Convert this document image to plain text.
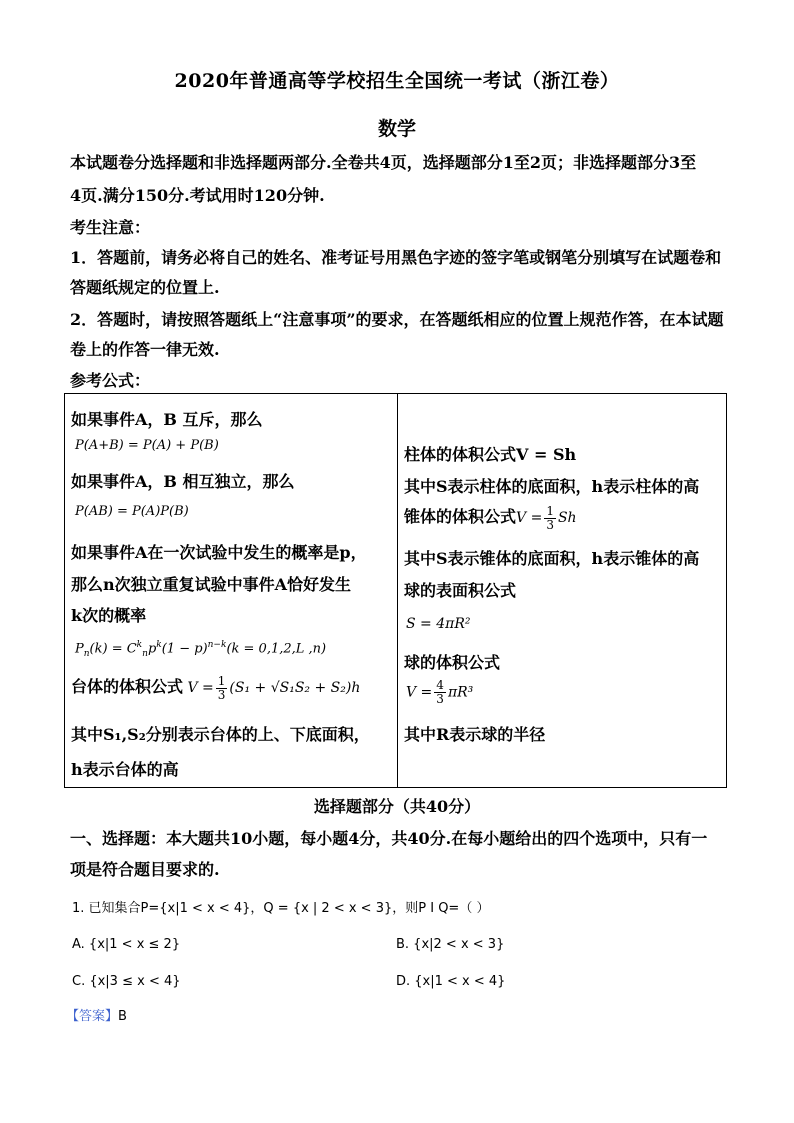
2020年普通高等学校招生全国统一考试（浙江卷）
数学
本试题卷分选择题和非选择题两部分.全卷共4页，选择题部分1至2页；非选择题部分3至
4页.满分150分.考试用时120分钟.
考生注意：
1．答题前，请务必将自己的姓名、准考证号用黑色字迹的签字笔或钢笔分别填写在试题卷和
答题纸规定的位置上.
2．答题时，请按照答题纸上“注意事项”的要求，在答题纸相应的位置上规范作答，在本试题
卷上的作答一律无效.
参考公式：
如果事件A，B 互斥，那么
P(A+B) = P(A) + P(B)
如果事件A，B 相互独立，那么
P(AB) = P(A)P(B)
如果事件A在一次试验中发生的概率是p，
那么n次独立重复试验中事件A恰好发生
k次的概率
$P_n(k) = C^k_np^k(1 - p)^{n-k}(k = 0,1,2,L$ ,n)
台体的体积公式 $V = \frac{1}{3} (S_1 + √S_1S_2 + S_2)h$
其中S₁,S₂分别表示台体的上、下底面积，
h表示台体的高
柱体的体积公式V = Sh
其中S表示柱体的底面积，h表示柱体的高
锥体的体积公式$V = \frac{1}{3}$ Sh
其中S表示锥体的底面积，h表示锥体的高
球的表面积公式
S = 4πR²
球的体积公式
$V = \frac{4}{3} \pi R^3$
其中R表示球的半径
选择题部分（共40分）
一、选择题：本大题共10小题，每小题4分，共40分.在每小题给出的四个选项中，只有一
项是符合题目要求的.
1. 已知集合P={x|1 < x < 4}，Q = {x | 2 < x < 3}，则P I Q=（ ）
A. {x|1 < x ≤ 2}	B. {x|2 < x < 3}
C. {x|3 ≤ x < 4}	D. {x|1 < x < 4}
【答案】B
